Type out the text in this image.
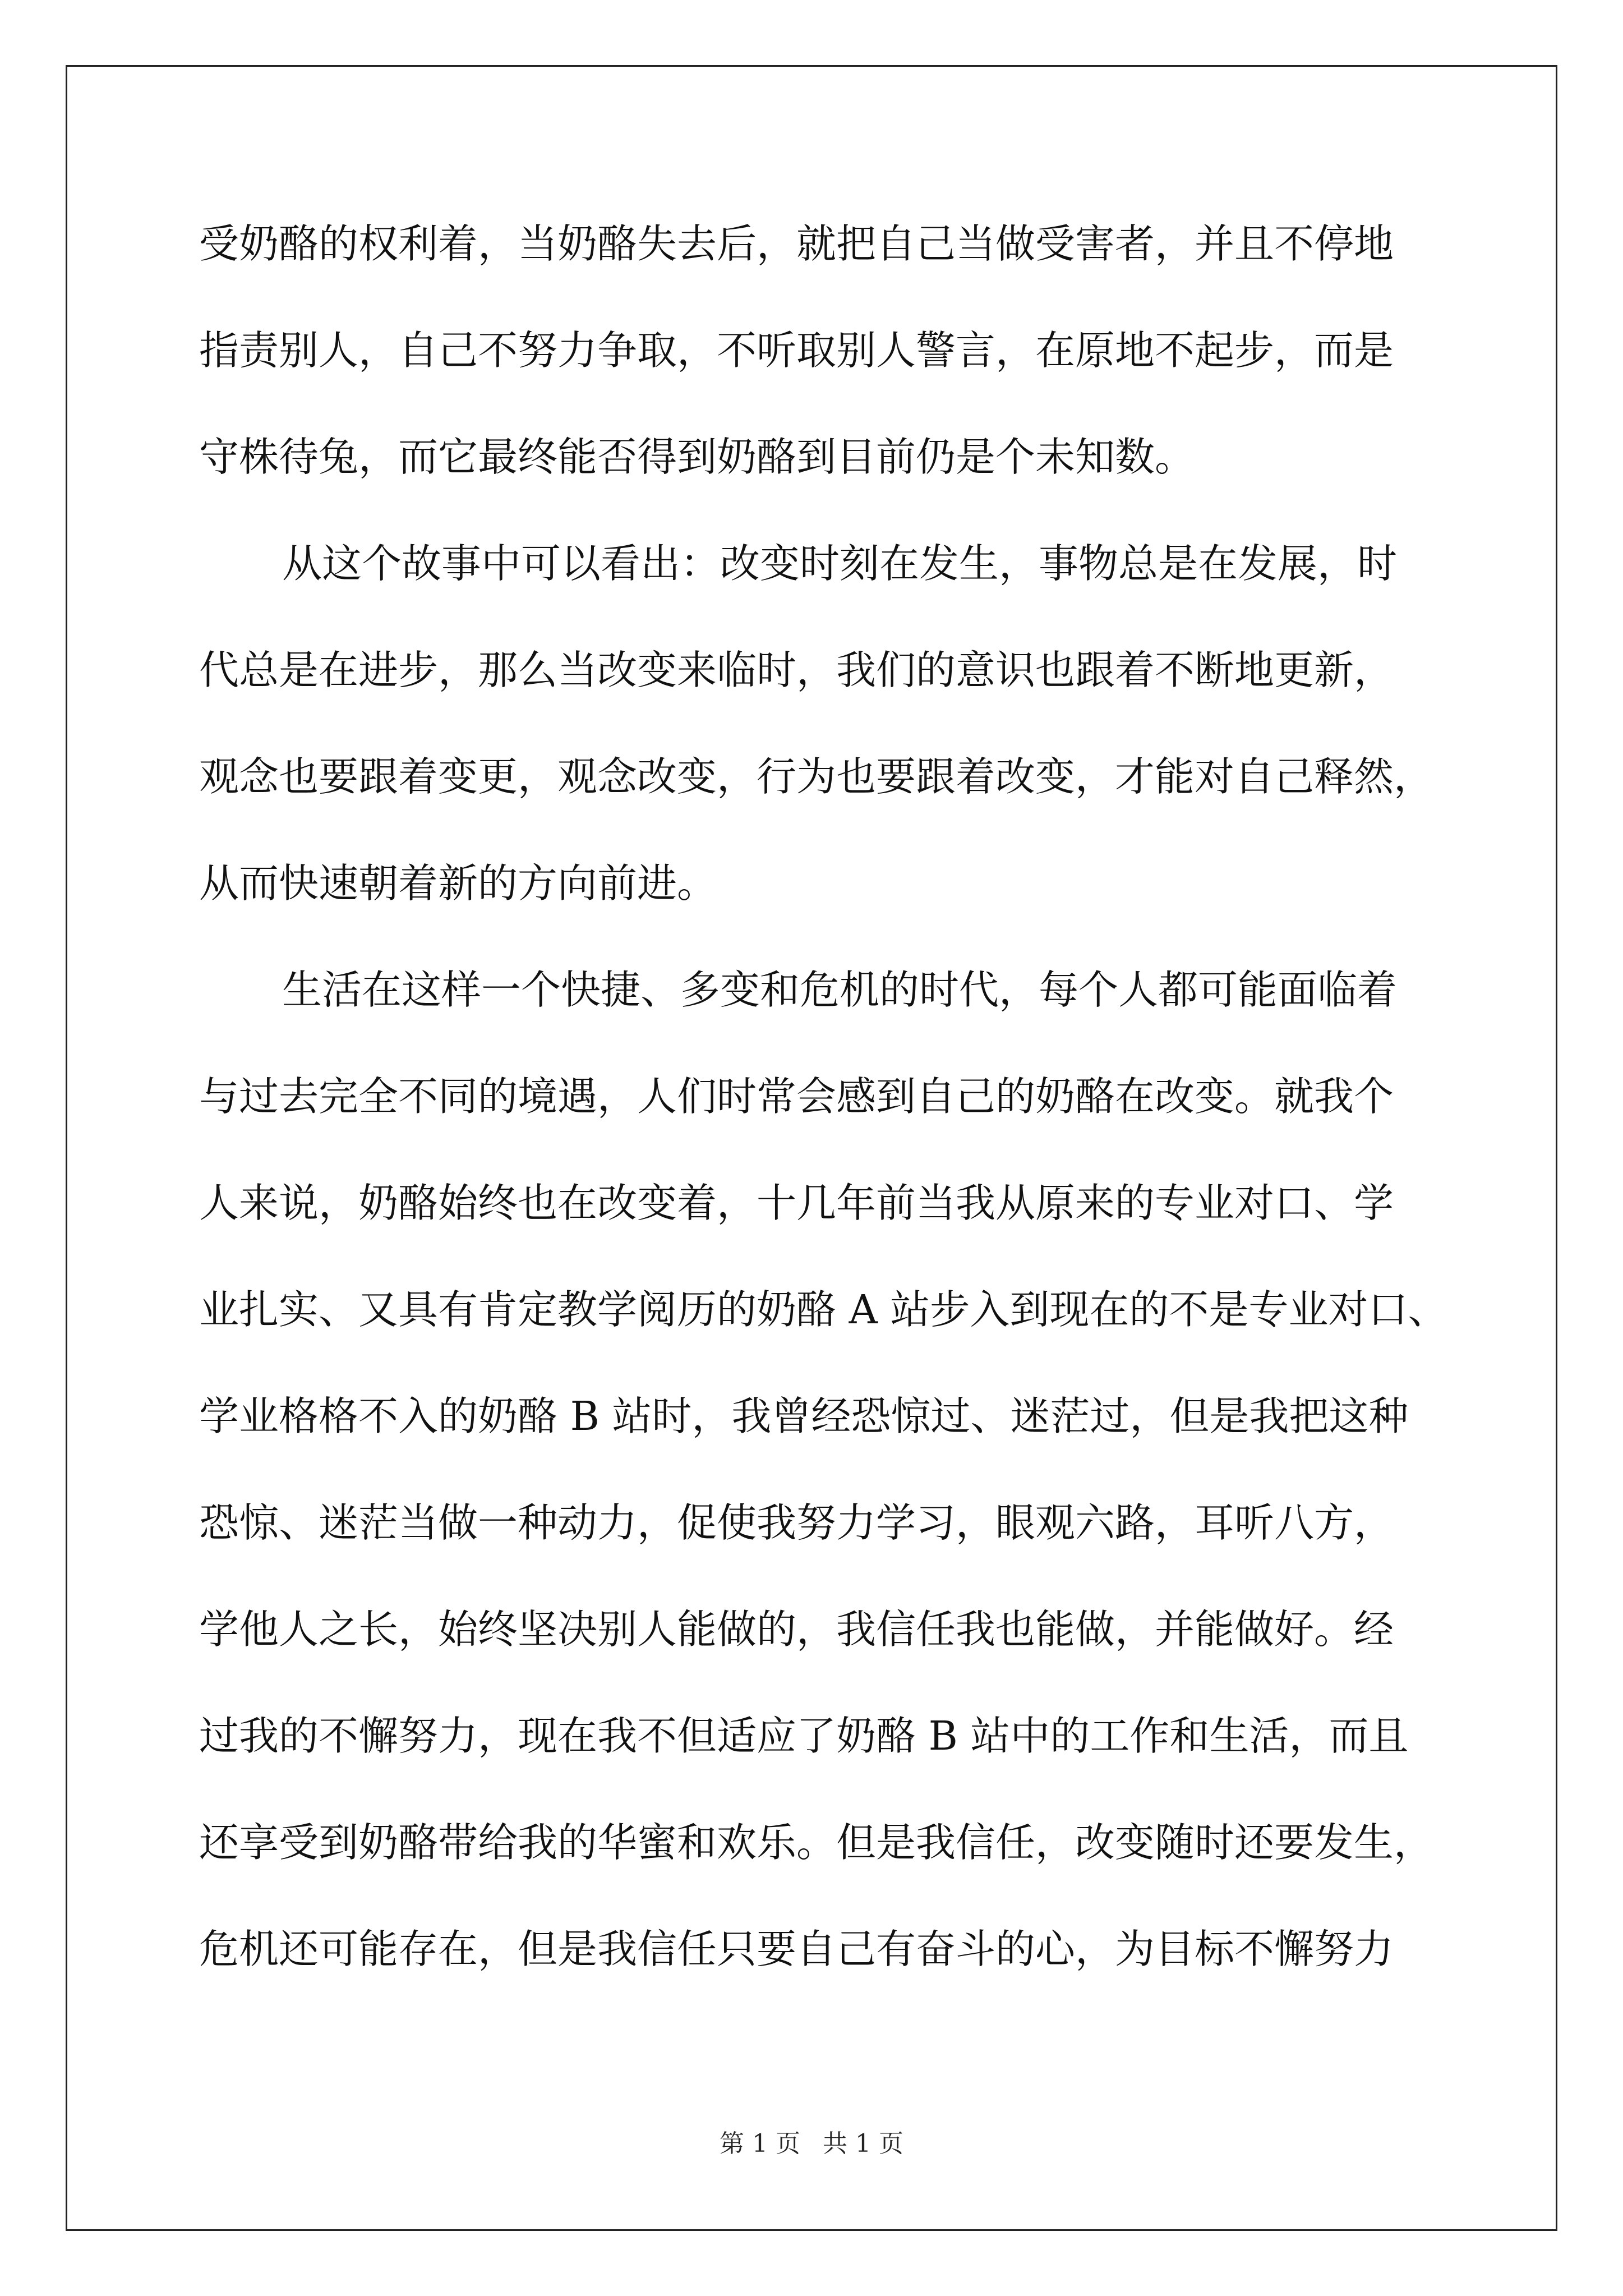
受奶酪的权利着，当奶酪失去后，就把自己当做受害者，并且不停地
指责别人，自己不努力争取，不听取别人警言，在原地不起步，而是
守株待兔，而它最终能否得到奶酪到目前仍是个未知数。
从这个故事中可以看出：改变时刻在发生，事物总是在发展，时
代总是在进步，那么当改变来临时，我们的意识也跟着不断地更新，
观念也要跟着变更，观念改变，行为也要跟着改变，才能对自己释然，
从而快速朝着新的方向前进。
生活在这样一个快捷、多变和危机的时代，每个人都可能面临着
与过去完全不同的境遇，人们时常会感到自己的奶酪在改变。就我个
人来说，奶酪始终也在改变着，十几年前当我从原来的专业对口、学
业扎实、又具有肯定教学阅历的奶酪 A 站步入到现在的不是专业对口、
学业格格不入的奶酪 B 站时，我曾经恐惊过、迷茫过，但是我把这种
恐惊、迷茫当做一种动力，促使我努力学习，眼观六路，耳听八方，
学他人之长，始终坚决别人能做的，我信任我也能做，并能做好。经
过我的不懈努力，现在我不但适应了奶酪 B 站中的工作和生活，而且
还享受到奶酪带给我的华蜜和欢乐。但是我信任，改变随时还要发生，
危机还可能存在，但是我信任只要自己有奋斗的心，为目标不懈努力
第 1 页 共 1 页
